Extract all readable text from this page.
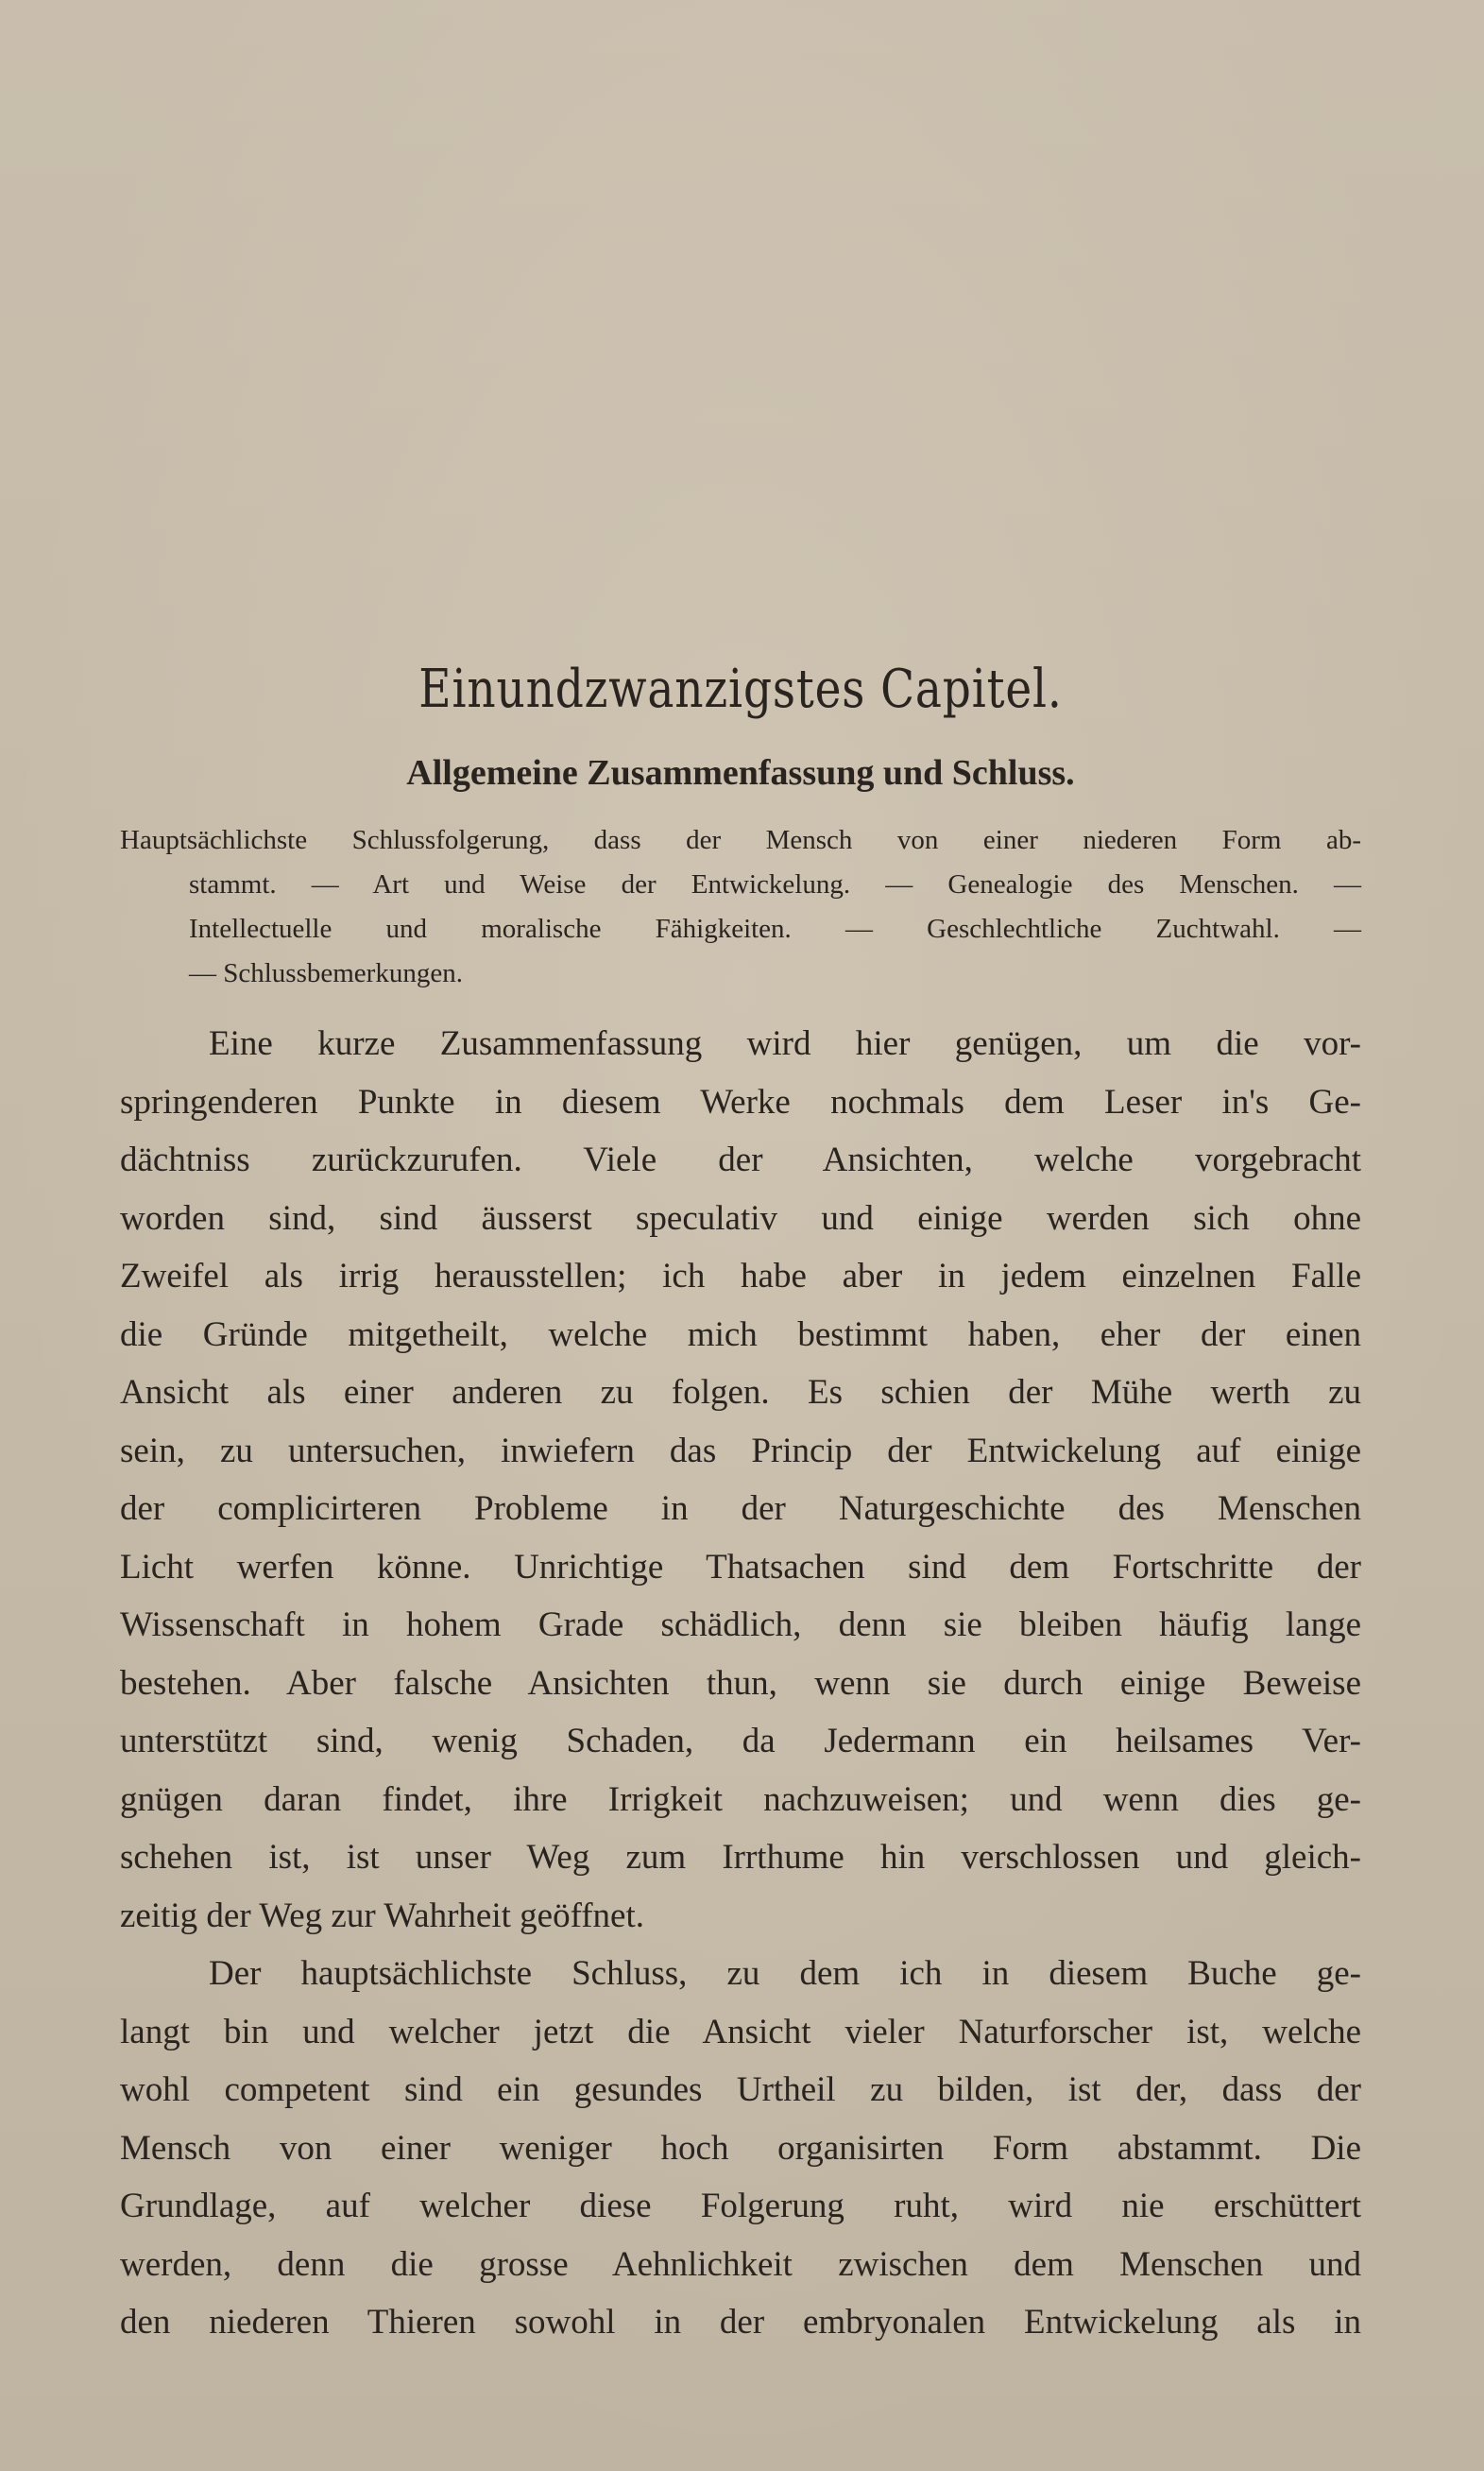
Einundzwanzigstes Capitel.
Allgemeine Zusammenfassung und Schluss.
Hauptsächlichste Schlussfolgerung, dass der Mensch von einer niederen Form ab-
stammt. — Art und Weise der Entwickelung. — Genealogie des Menschen. —
Intellectuelle und moralische Fähigkeiten. — Geschlechtliche Zuchtwahl. —
— Schlussbemerkungen.
Eine kurze Zusammenfassung wird hier genügen, um die vor-
springenderen Punkte in diesem Werke nochmals dem Leser in's Ge-
dächtniss zurückzurufen. Viele der Ansichten, welche vorgebracht
worden sind, sind äusserst speculativ und einige werden sich ohne
Zweifel als irrig herausstellen; ich habe aber in jedem einzelnen Falle
die Gründe mitgetheilt, welche mich bestimmt haben, eher der einen
Ansicht als einer anderen zu folgen. Es schien der Mühe werth zu
sein, zu untersuchen, inwiefern das Princip der Entwickelung auf einige
der complicirteren Probleme in der Naturgeschichte des Menschen
Licht werfen könne. Unrichtige Thatsachen sind dem Fortschritte der
Wissenschaft in hohem Grade schädlich, denn sie bleiben häufig lange
bestehen. Aber falsche Ansichten thun, wenn sie durch einige Beweise
unterstützt sind, wenig Schaden, da Jedermann ein heilsames Ver-
gnügen daran findet, ihre Irrigkeit nachzuweisen; und wenn dies ge-
schehen ist, ist unser Weg zum Irrthume hin verschlossen und gleich-
zeitig der Weg zur Wahrheit geöffnet.
Der hauptsächlichste Schluss, zu dem ich in diesem Buche ge-
langt bin und welcher jetzt die Ansicht vieler Naturforscher ist, welche
wohl competent sind ein gesundes Urtheil zu bilden, ist der, dass der
Mensch von einer weniger hoch organisirten Form abstammt. Die
Grundlage, auf welcher diese Folgerung ruht, wird nie erschüttert
werden, denn die grosse Aehnlichkeit zwischen dem Menschen und
den niederen Thieren sowohl in der embryonalen Entwickelung als in
